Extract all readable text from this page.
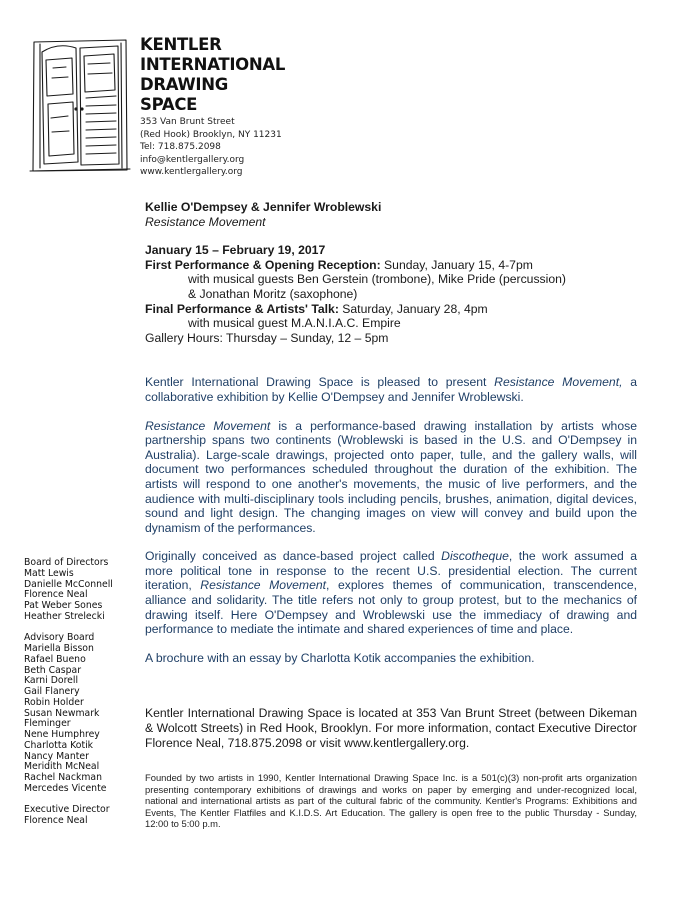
KENTLER
INTERNATIONAL
DRAWING
SPACE
353 Van Brunt Street
(Red Hook) Brooklyn, NY 11231
Tel: 718.875.2098
info@kentlergallery.org
www.kentlergallery.org
Kellie O'Dempsey & Jennifer Wroblewski
Resistance Movement
January 15 – February 19, 2017
First Performance & Opening Reception: Sunday, January 15, 4-7pm
with musical guests Ben Gerstein (trombone), Mike Pride (percussion)
& Jonathan Moritz (saxophone)
Final Performance & Artists' Talk: Saturday, January 28, 4pm
with musical guest M.A.N.I.A.C. Empire
Gallery Hours: Thursday – Sunday, 12 – 5pm

Kentler International Drawing Space is pleased to present Resistance Movement, a collaborative exhibition by Kellie O'Dempsey and Jennifer Wroblewski.

Resistance Movement is a performance-based drawing installation by artists whose partnership spans two continents (Wroblewski is based in the U.S. and O'Dempsey in Australia). Large-scale drawings, projected onto paper, tulle, and the gallery walls, will document two performances scheduled throughout the duration of the exhibition. The artists will respond to one another's movements, the music of live performers, and the audience with multi-disciplinary tools including pencils, brushes, animation, digital devices, sound and light design. The changing images on view will convey and build upon the dynamism of the performances.

Originally conceived as dance-based project called Discotheque, the work assumed a more political tone in response to the recent U.S. presidential election. The current iteration, Resistance Movement, explores themes of communication, transcendence, alliance and solidarity. The title refers not only to group protest, but to the mechanics of drawing itself. Here O'Dempsey and Wroblewski use the immediacy of drawing and performance to mediate the intimate and shared experiences of time and place.

A brochure with an essay by Charlotta Kotik accompanies the exhibition.

Kentler International Drawing Space is located at 353 Van Brunt Street (between Dikeman & Wolcott Streets) in Red Hook, Brooklyn. For more information, contact Executive Director Florence Neal, 718.875.2098 or visit www.kentlergallery.org.

Founded by two artists in 1990, Kentler International Drawing Space Inc. is a 501(c)(3) non-profit arts organization presenting contemporary exhibitions of drawings and works on paper by emerging and under-recognized local, national and international artists as part of the cultural fabric of the community. Kentler's Programs: Exhibitions and Events, The Kentler Flatfiles and K.I.D.S. Art Education. The gallery is open free to the public Thursday - Sunday, 12:00 to 5:00 p.m.
Board of Directors
Matt Lewis
Danielle McConnell
Florence Neal
Pat Weber Sones
Heather Strelecki
Advisory Board
Mariella Bisson
Rafael Bueno
Beth Caspar
Karni Dorell
Gail Flanery
Robin Holder
Susan Newmark
Fleminger
Nene Humphrey
Charlotta Kotik
Nancy Manter
Meridith McNeal
Rachel Nackman
Mercedes Vicente
Executive Director
Florence Neal
